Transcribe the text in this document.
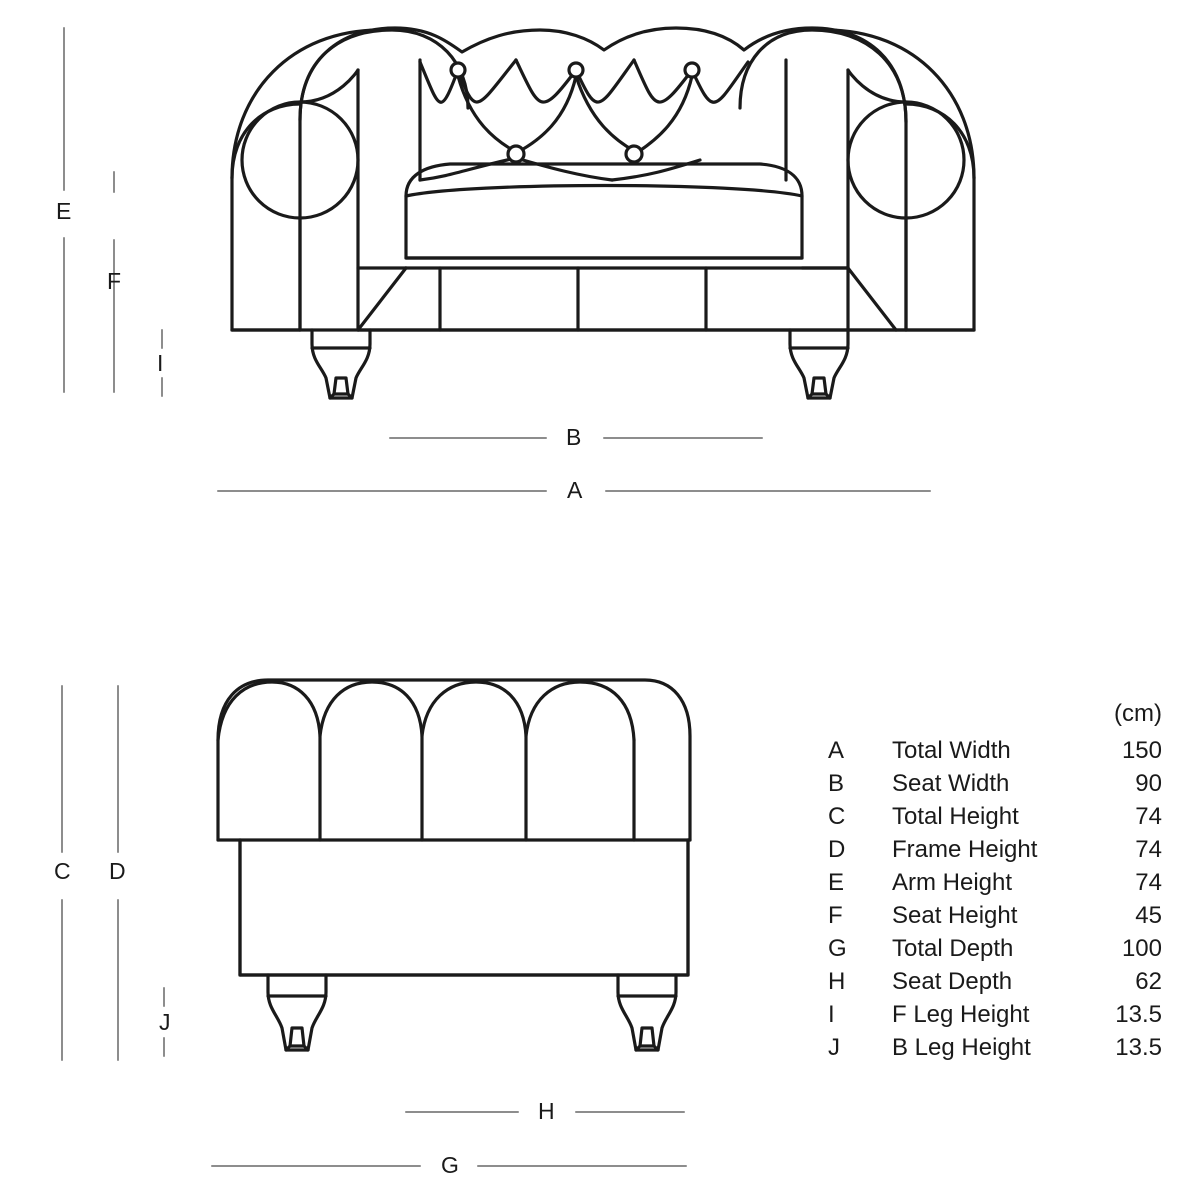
E
F
I
B
A
C D
J
H
G
(cm)
A	Total Width	150
B	Seat Width	90
C	Total Height	74
D	Frame Height	74
E	Arm Height	74
F	Seat Height	45
G	Total Depth	100
H	Seat Depth	62
I	F Leg Height	13.5
J	B Leg Height	13.5
